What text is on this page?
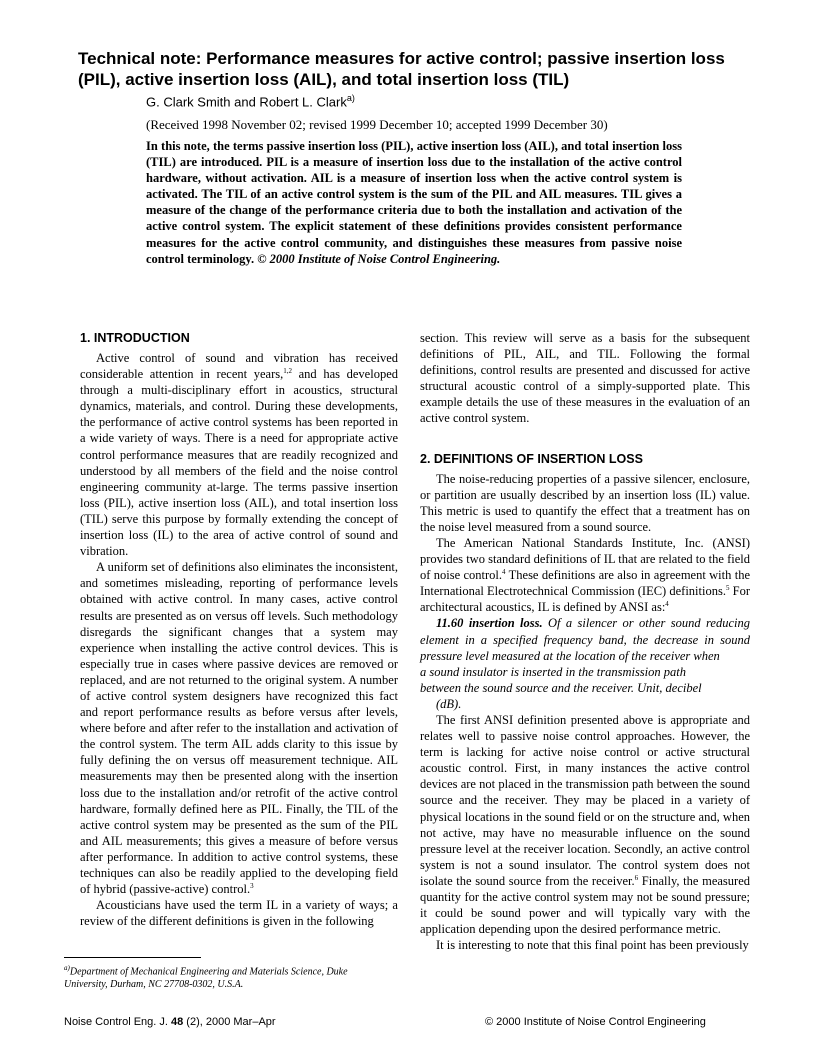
Technical note: Performance measures for active control; passive insertion loss (PIL), active insertion loss (AIL), and total insertion loss (TIL)
G. Clark Smith and Robert L. Clark$^{a)}$
(Received 1998 November 02; revised 1999 December 10; accepted 1999 December 30)

In this note, the terms passive insertion loss (PIL), active insertion loss (AIL), and total insertion loss (TIL) are introduced. PIL is a measure of insertion loss due to the installation of the active control hardware, without activation. AIL is a measure of insertion loss when the active control system is activated. The TIL of an active control system is the sum of the PIL and AIL measures. TIL gives a measure of the change of the performance criteria due to both the installation and activation of the active control system. The explicit statement of these definitions provides consistent performance measures for the active control community, and distinguishes these measures from passive noise control terminology. © 2000 Institute of Noise Control Engineering.

1. INTRODUCTION

Active control of sound and vibration has received considerable attention in recent years,$^{1,2}$ and has developed through a multi-disciplinary effort in acoustics, structural dynamics, materials, and control. During these developments, the performance of active control systems has been reported in a wide variety of ways. There is a need for appropriate active control performance measures that are readily recognized and understood by all members of the field and the noise control engineering community at-large. The terms passive insertion loss (PIL), active insertion loss (AIL), and total insertion loss (TIL) serve this purpose by formally extending the concept of insertion loss (IL) to the area of active control of sound and vibration.

A uniform set of definitions also eliminates the inconsistent, and sometimes misleading, reporting of performance levels obtained with active control. In many cases, active control results are presented as on versus off levels. Such methodology disregards the significant changes that a system may experience when installing the active control devices. This is especially true in cases where passive devices are removed or replaced, and are not returned to the original system. A number of active control system designers have recognized this fact and report performance results as before versus after levels, where before and after refer to the installation and activation of the control system. The term AIL adds clarity to this issue by fully defining the on versus off measurement technique. AIL measurements may then be presented along with the insertion loss due to the installation and/or retrofit of the active control hardware, formally defined here as PIL. Finally, the TIL of the active control system may be presented as the sum of the PIL and AIL measurements; this gives a measure of before versus after performance. In addition to active control systems, these techniques can also be readily applied to the developing field of hybrid (passive-active) control.$^3$

Acousticians have used the term IL in a variety of ways; a review of the different definitions is given in the following

$^{a)}$Department of Mechanical Engineering and Materials Science, Duke University, Durham, NC 27708-0302, U.S.A.

section. This review will serve as a basis for the subsequent definitions of PIL, AIL, and TIL. Following the formal definitions, control results are presented and discussed for active structural acoustic control of a simply-supported plate. This example details the use of these measures in the evaluation of an active control system.

2. DEFINITIONS OF INSERTION LOSS

The noise-reducing properties of a passive silencer, enclosure, or partition are usually described by an insertion loss (IL) value. This metric is used to quantify the effect that a treatment has on the noise level measured from a sound source.

The American National Standards Institute, Inc. (ANSI) provides two standard definitions of IL that are related to the field of noise control.$^4$ These definitions are also in agreement with the International Electrotechnical Commission (IEC) definitions.$^5$ For architectural acoustics, IL is defined by ANSI as:$^4$

11.60 insertion loss. Of a silencer or other sound reducing element in a specified frequency band, the decrease in sound pressure level measured at the location of the receiver when

a sound insulator is inserted in the transmission path

between the sound source and the receiver. Unit, decibel

(dB).

The first ANSI definition presented above is appropriate and relates well to passive noise control approaches. However, the term is lacking for active noise control or active structural acoustic control. First, in many instances the active control devices are not placed in the transmission path between the sound source and the receiver. They may be placed in a variety of physical locations in the sound field or on the structure and, when not active, may have no measurable influence on the sound pressure level at the receiver location. Secondly, an active control system is not a sound insulator. The control system does not isolate the sound source from the receiver.$^6$ Finally, the measured quantity for the active control system may not be sound pressure; it could be sound power and will typically vary with the application depending upon the desired performance metric.

It is interesting to note that this final point has been previously

Noise Control Eng. J. 48 (2), 2000 Mar–Apr	© 2000 Institute of Noise Control Engineering
